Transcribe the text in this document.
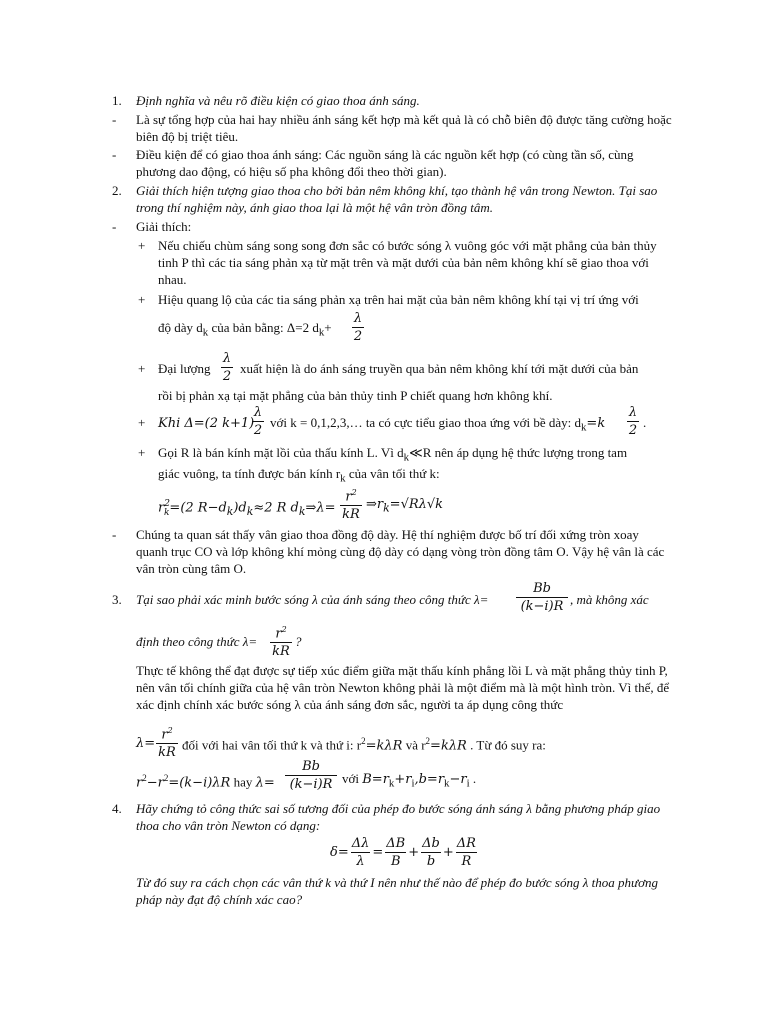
1.	Định nghĩa và nêu rõ điều kiện có giao thoa ánh sáng.
-	Là sự tổng hợp của hai hay nhiều ánh sáng kết hợp mà kết quả là có chỗ biên độ được tăng cường hoặc biên độ bị triệt tiêu.
-	Điều kiện để có giao thoa ánh sáng: Các nguồn sáng là các nguồn kết hợp (có cùng tần số, cùng phương dao động, có hiệu số pha không đổi theo thời gian).
2.	Giải thích hiện tượng giao thoa cho bởi bản nêm không khí, tạo thành hệ vân trong Newton. Tại sao trong thí nghiệm này, ánh giao thoa lại là một hệ vân tròn đồng tâm.
-	Giải thích:
+ Nếu chiếu chùm sáng song song đơn sắc có bước sóng λ vuông góc với mặt phẳng của bản thủy tinh P thì các tia sáng phản xạ từ mặt trên và mặt dưới của bản nêm không khí sẽ giao thoa với nhau.
+ Hiệu quang lộ của các tia sáng phản xạ trên hai mặt của bản nêm không khí tại vị trí ứng với
độ dày $d_k$ của bản bằng: Δ=2 $d_k+$	$\frac{\lambda}{2}$
+ Đại lượng $\frac{\lambda}{2}$ xuất hiện là do ánh sáng truyền qua bản nêm không khí tới mặt dưới của bản
rồi bị phản xạ tại mặt phẳng của bản thủy tinh P chiết quang hơn không khí.
+ Khi Δ=(2 k+1)
$\frac{\lambda}{2}$ với k = 0,1,2,3,… ta có cực tiểu giao thoa ứng với bề dày: $d_k=k \frac{\lambda}{2}$ .
+ Gọi R là bán kính mặt lồi của thấu kính L. Vì $d_k≪R$ nên áp dụng hệ thức lượng trong tam
giác vuông, ta tính được bán kính $r_k$ của vân tối thứ k:
$r^2_k=(2$ $R-d_k)d_k\approx 2$ R $d_k\Rightarrow\lambda= \frac{r^2}{kR}$ $\Rightarrow r_k=√R\lambda√k$
-	Chúng ta quan sát thấy vân giao thoa đồng độ dày. Hệ thí nghiệm được bố trí đối xứng tròn xoay quanh trục CO và lớp không khí mỏng cùng độ dày có dạng vòng tròn đồng tâm O. Vậy hệ vân là các vân tròn cùng tâm O.
3.	Tại sao phải xác minh bước sóng λ của ánh sáng theo công thức λ=	$\frac{Bb}{(k-i)R}$ , mà không xác
định theo công thức $\lambda= \frac{r^2}{kR}$ ?
Thực tế không thể đạt được sự tiếp xúc điểm giữa mặt thấu kính phẳng lồi L và mặt phẳng thủy tinh P, nên vân tối chính giữa của hệ vân tròn Newton không phải là một điểm mà là một hình tròn. Vì thế, để xác định chính xác bước sóng λ của ánh sáng đơn sắc, người ta áp dụng công thức
$\lambda= \frac{r^2}{kR}$ đối với hai vân tối thứ k và thứ i: $r^2=k\lambda R$ và $r^2=k\lambda R$ . Từ đó suy ra:
$r^2-r^2=(k-i)\lambda R$ hay $\lambda= \frac{Bb}{(k-i)R}$ với $B=r_k+r_i,b=r_k-r_i$ .
4.	Hãy chứng tỏ công thức sai số tương đối của phép đo bước sóng ánh sáng λ bằng phương pháp giao thoa cho vân tròn Newton có dạng:
$\delta= \frac{\Delta\lambda}{\lambda} = \frac{\Delta B}{B} + \frac{\Delta b}{b} + \frac{\Delta R}{R}$
Từ đó suy ra cách chọn các vân thứ k và thứ I nên như thế nào để phép đo bước sóng λ thoa phương pháp này đạt độ chính xác cao?
